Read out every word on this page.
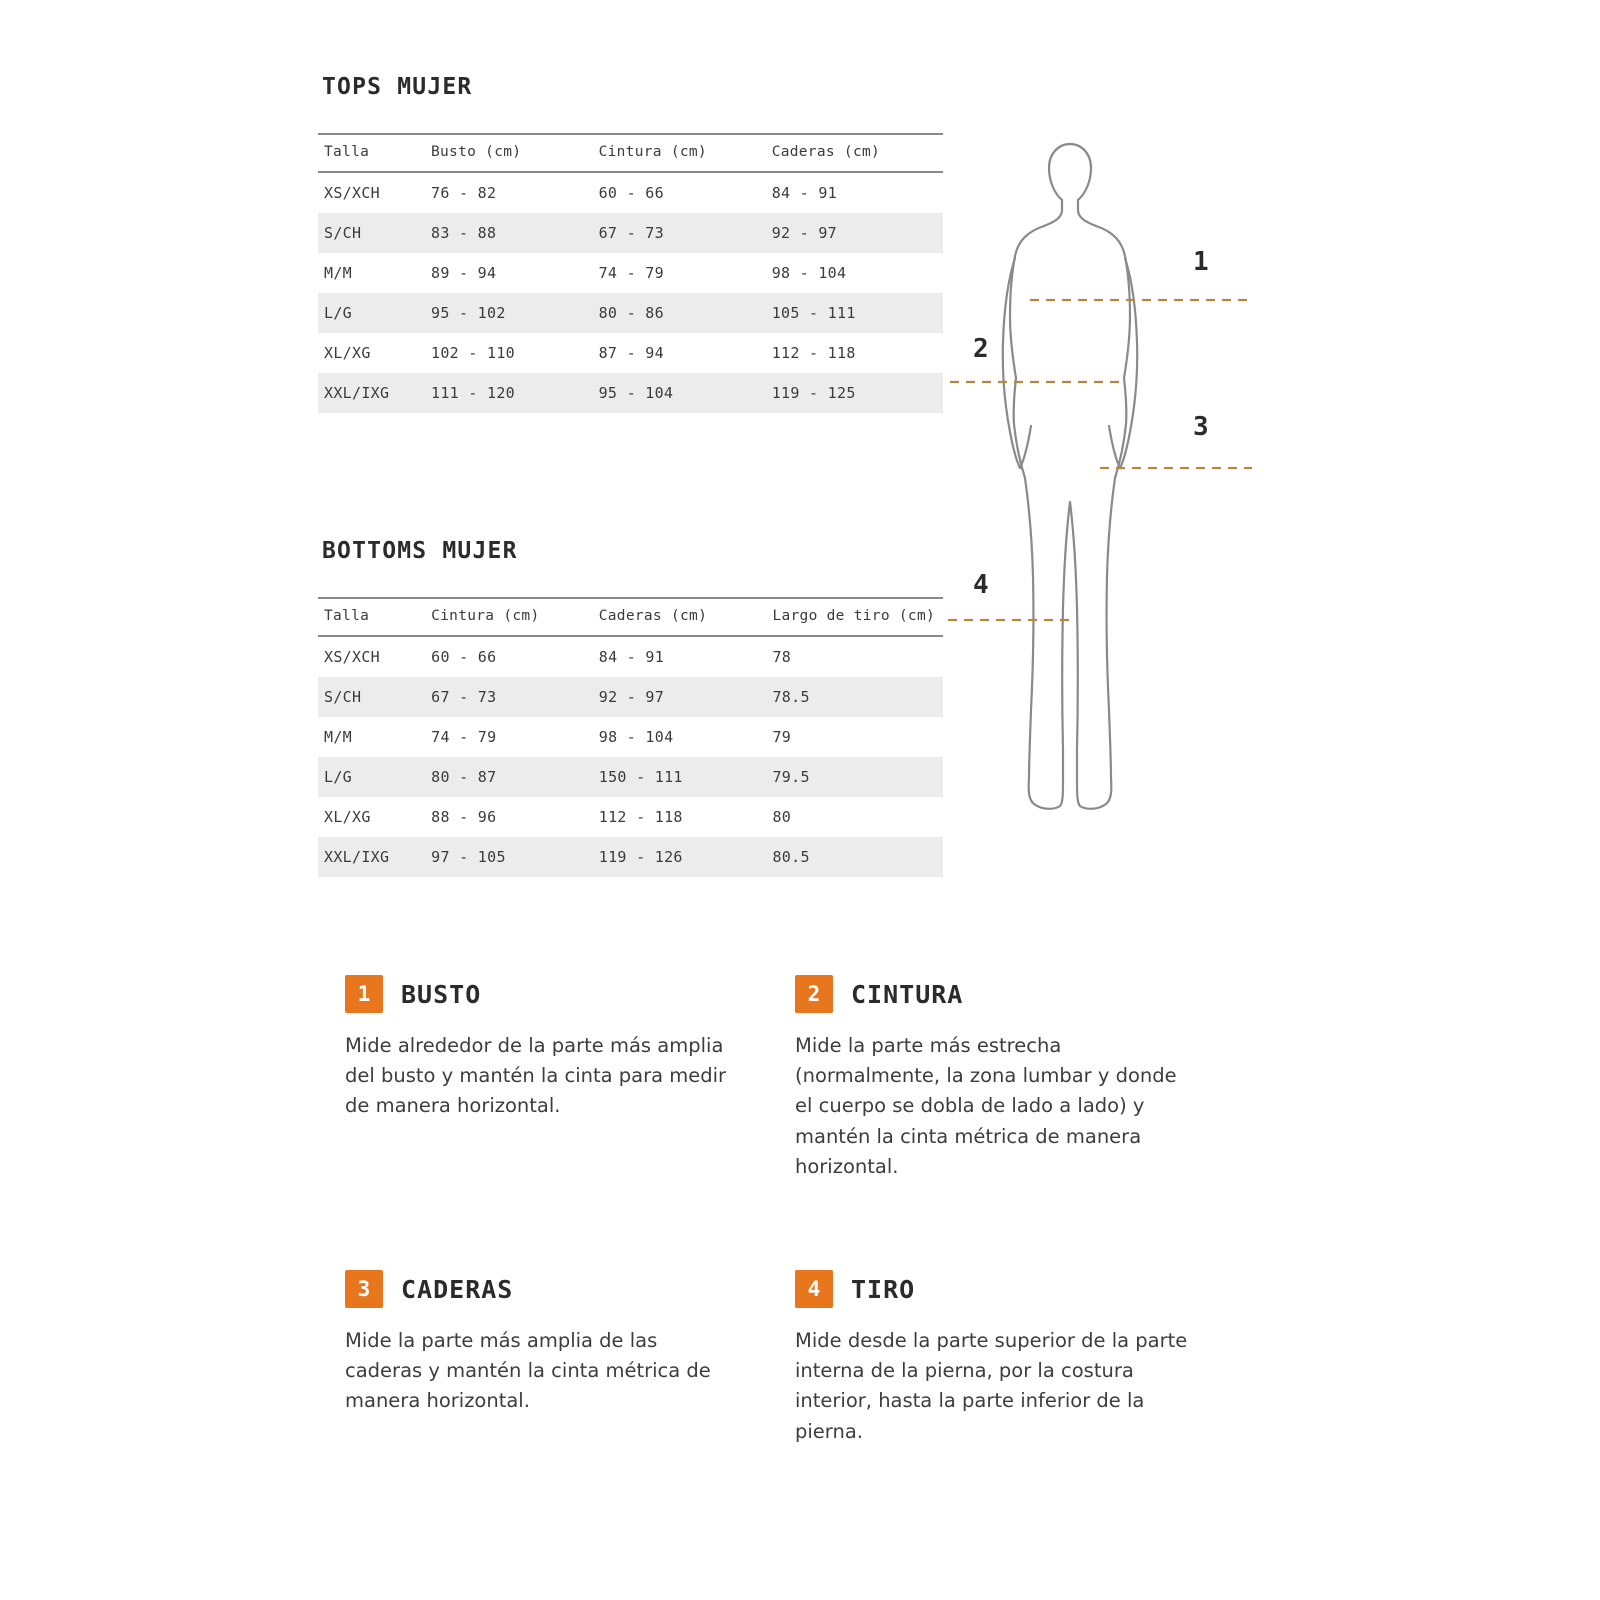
TOPS MUJER
Talla	Busto (cm)	Cintura (cm)	Caderas (cm)
XS/XCH	76 - 82	60 - 66	84 - 91
S/CH	83 - 88	67 - 73	92 - 97
M/M	89 - 94	74 - 79	98 - 104
L/G	95 - 102	80 - 86	105 - 111
XL/XG	102 - 110	87 - 94	112 - 118
XXL/IXG	111 - 120	95 - 104	119 - 125
BOTTOMS MUJER
Talla	Cintura (cm)	Caderas (cm)	Largo de tiro (cm)
XS/XCH	60 - 66	84 - 91	78
S/CH	67 - 73	92 - 97	78.5
M/M	74 - 79	98 - 104	79
L/G	80 - 87	150 - 111	79.5
XL/XG	88 - 96	112 - 118	80
XXL/IXG	97 - 105	119 - 126	80.5
1
2
3
4
1	BUSTO
Mide alrededor de la parte más amplia del busto y mantén la cinta para medir de manera horizontal.
2	CINTURA
Mide la parte más estrecha (normalmente, la zona lumbar y donde el cuerpo se dobla de lado a lado) y mantén la cinta métrica de manera horizontal.
3	CADERAS
Mide la parte más amplia de las caderas y mantén la cinta métrica de manera horizontal.
4	TIRO
Mide desde la parte superior de la parte interna de la pierna, por la costura interior, hasta la parte inferior de la pierna.
